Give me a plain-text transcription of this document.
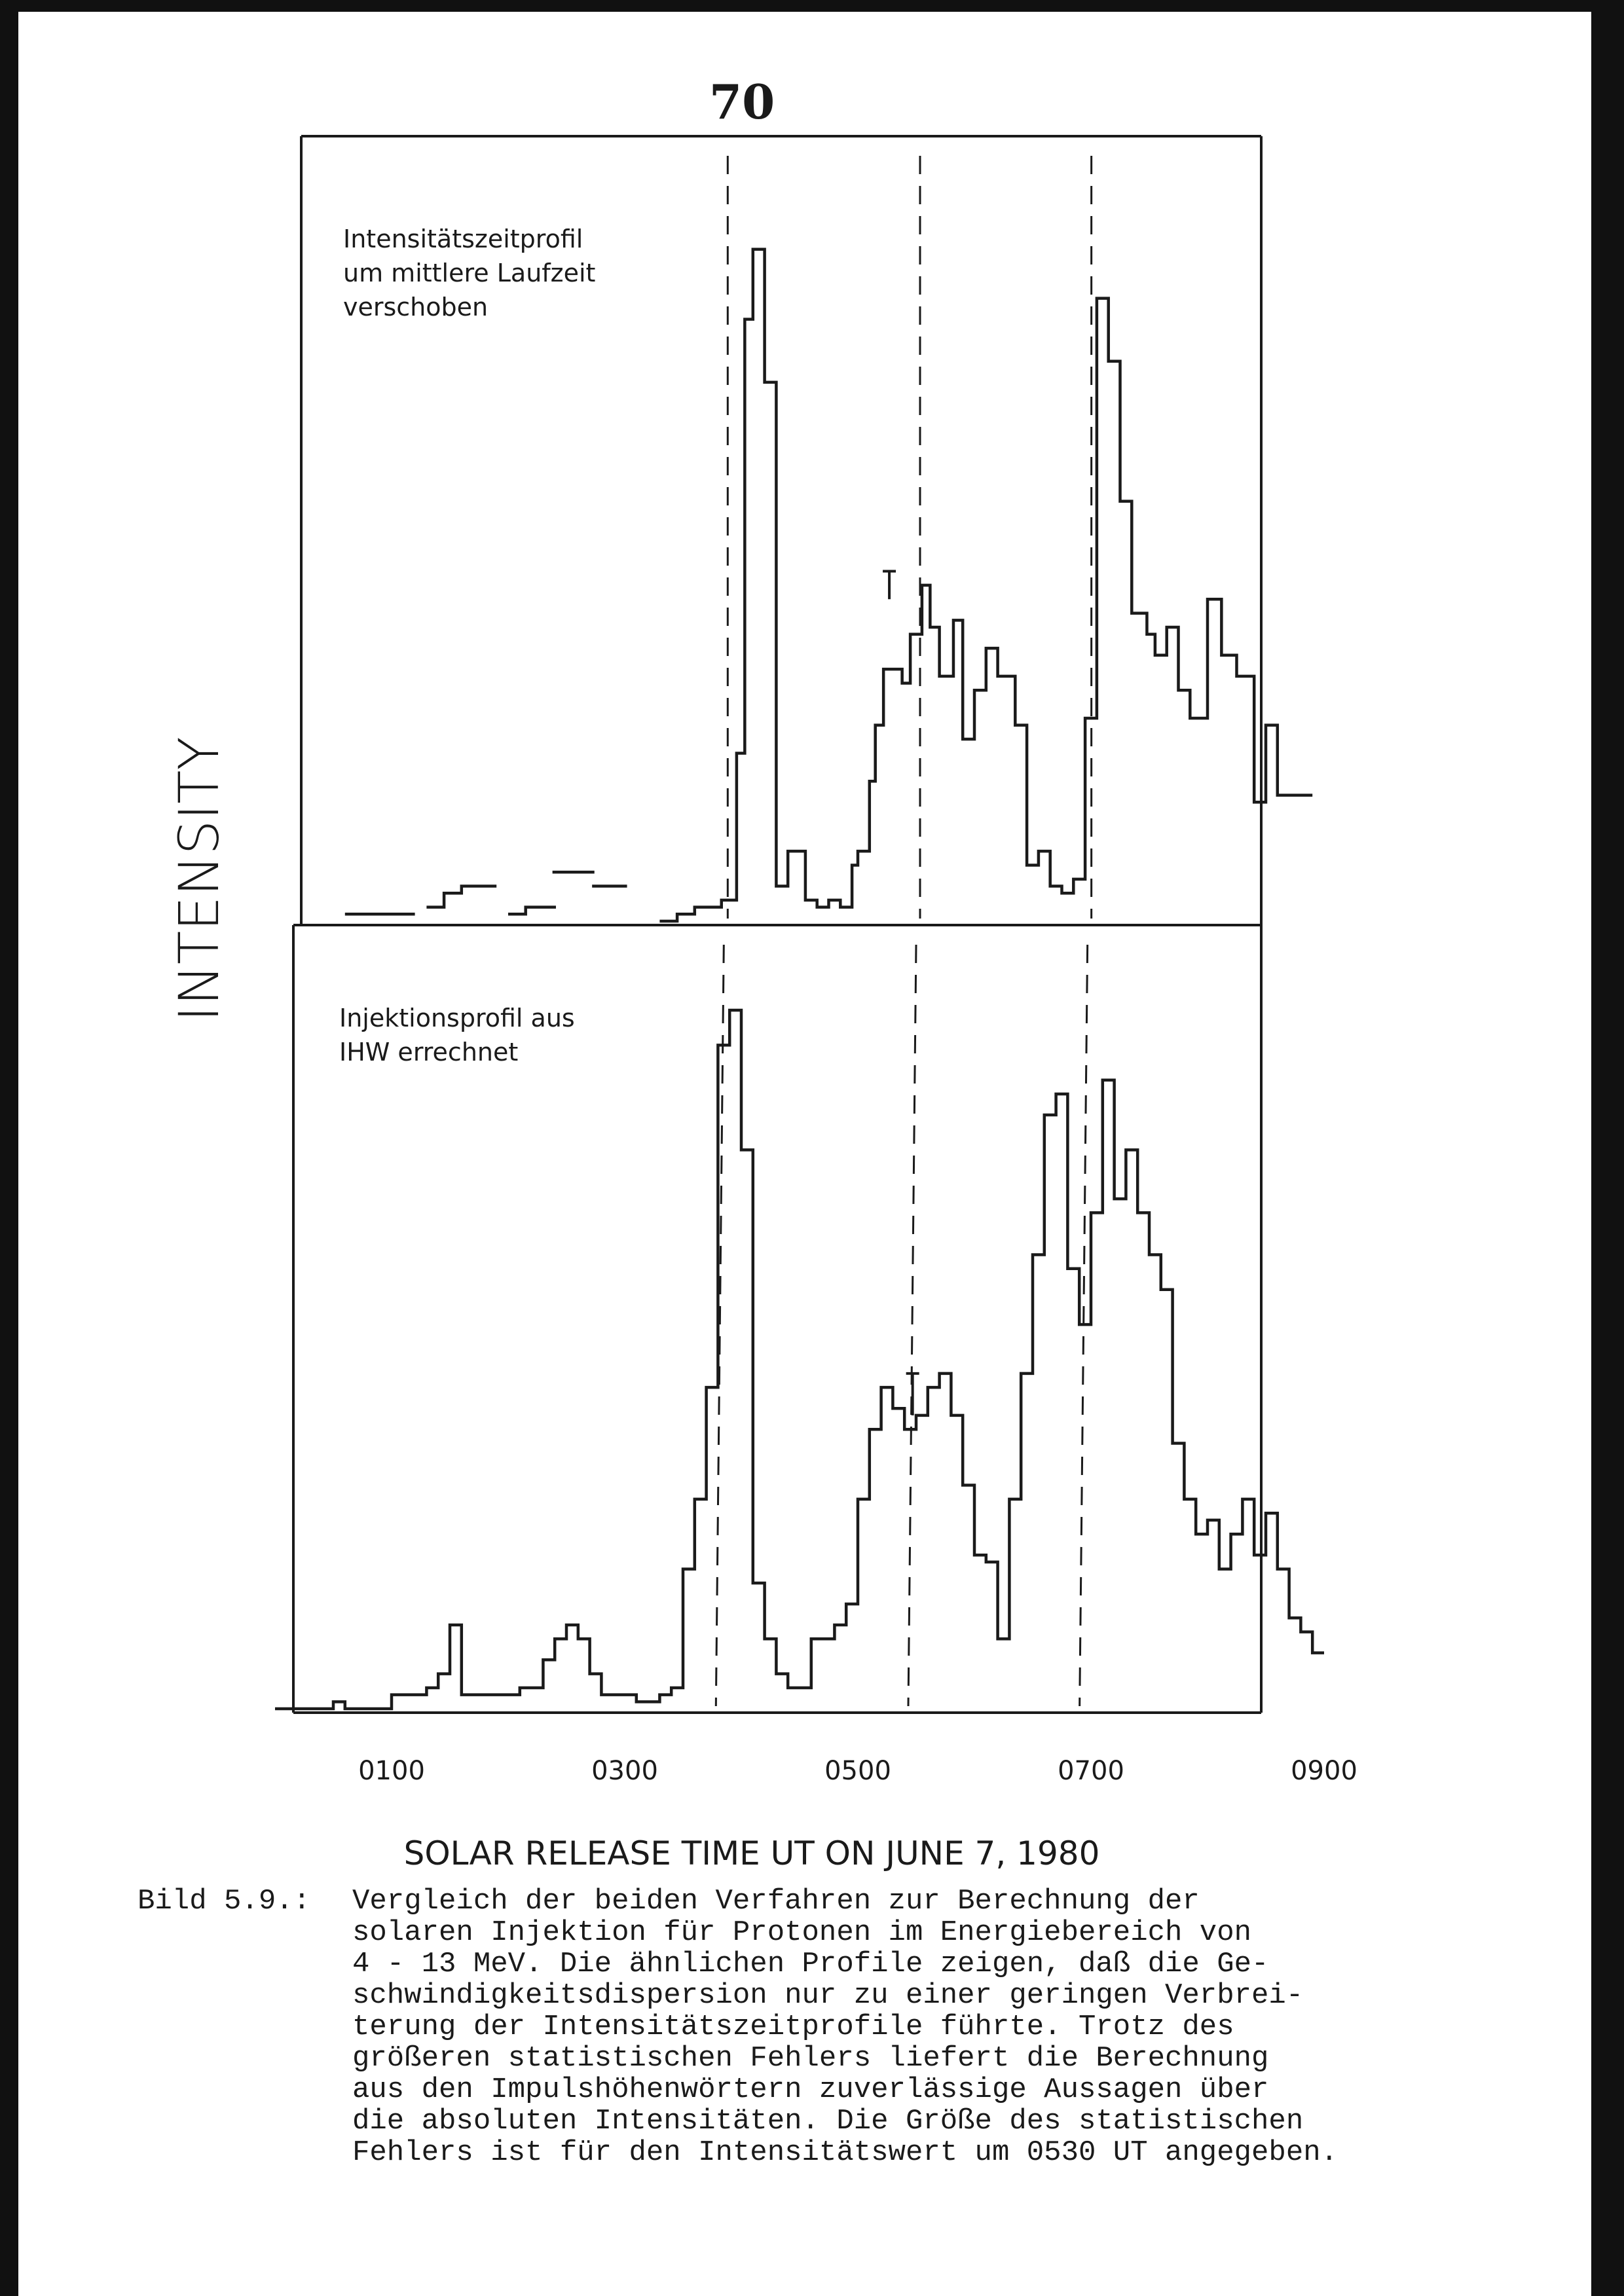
70
Intensitätszeitprofil
um mittlere Laufzeit
verschoben
Injektionsprofil aus
IHW errechnet
0100	0300	0500	0700	0900
SOLAR RELEASE TIME UT ON JUNE 7, 1980
INTENSITY
Bild 5.9.: Vergleich der beiden Verfahren zur Berechnung der
solaren Injektion für Protonen im Energiebereich von
4 - 13 MeV. Die ähnlichen Profile zeigen, daß die Ge-
schwindigkeitsdispersion nur zu einer geringen Verbrei-
terung der Intensitätszeitprofile führte. Trotz des
größeren statistischen Fehlers liefert die Berechnung
aus den Impulshöhenwörtern zuverlässige Aussagen über
die absoluten Intensitäten. Die Größe des statistischen
Fehlers ist für den Intensitätswert um 0530 UT angegeben.
